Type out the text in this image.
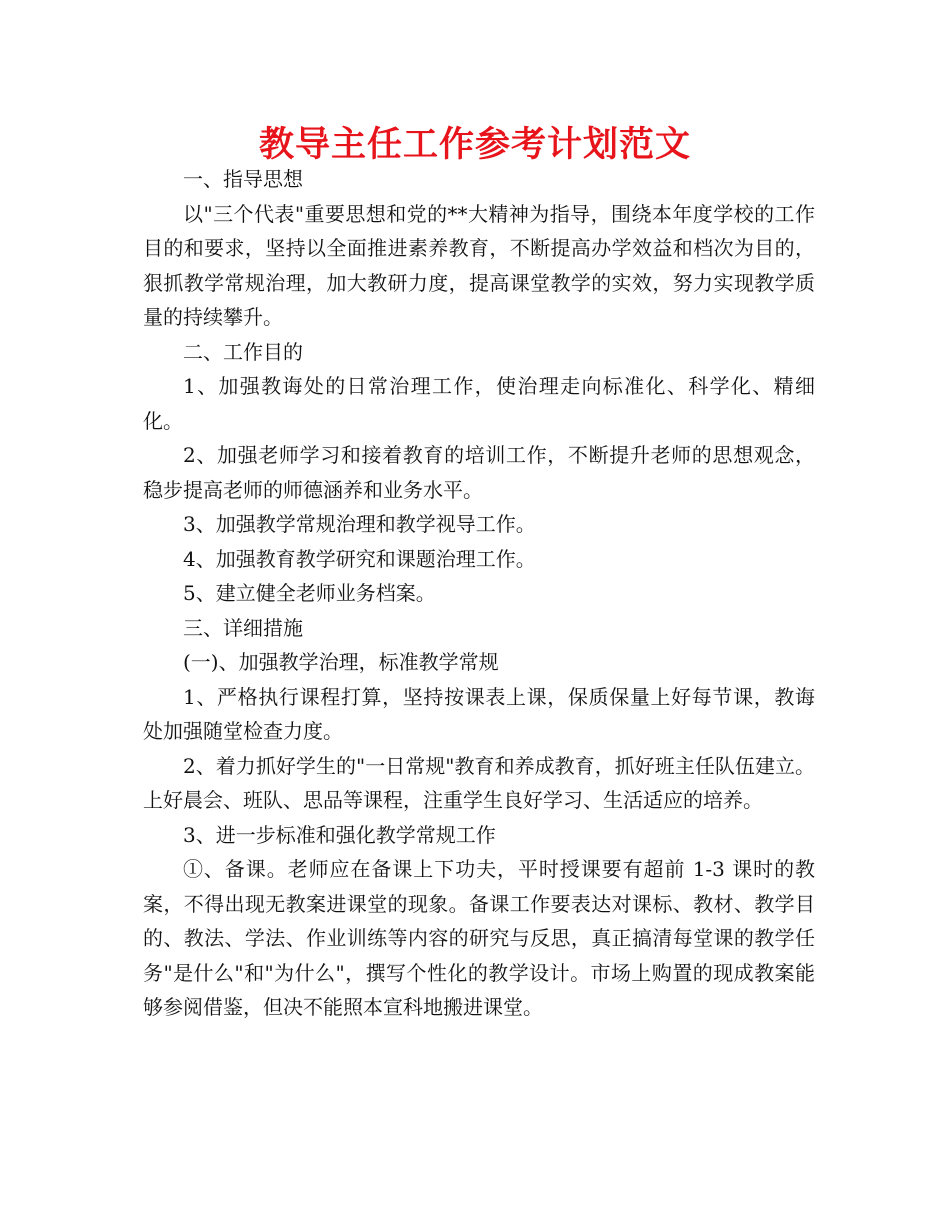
教导主任工作参考计划范文

一、指导思想

以"三个代表"重要思想和党的**大精神为指导，围绕本年度学校的工作目的和要求，坚持以全面推进素养教育，不断提高办学效益和档次为目的，狠抓教学常规治理，加大教研力度，提高课堂教学的实效，努力实现教学质量的持续攀升。

二、工作目的

1、加强教诲处的日常治理工作，使治理走向标准化、科学化、精细化。

2、加强老师学习和接着教育的培训工作，不断提升老师的思想观念，稳步提高老师的师德涵养和业务水平。

3、加强教学常规治理和教学视导工作。

4、加强教育教学研究和课题治理工作。

5、建立健全老师业务档案。

三、详细措施

(一)、加强教学治理，标准教学常规

1、严格执行课程打算，坚持按课表上课，保质保量上好每节课，教诲处加强随堂检查力度。

2、着力抓好学生的"一日常规"教育和养成教育，抓好班主任队伍建立。上好晨会、班队、思品等课程，注重学生良好学习、生活适应的培养。

3、进一步标准和强化教学常规工作

①、备课。老师应在备课上下功夫，平时授课要有超前 1-3 课时的教案，不得出现无教案进课堂的现象。备课工作要表达对课标、教材、教学目的、教法、学法、作业训练等内容的研究与反思，真正搞清每堂课的教学任务"是什么"和"为什么"，撰写个性化的教学设计。市场上购置的现成教案能够参阅借鉴，但决不能照本宣科地搬进课堂。
